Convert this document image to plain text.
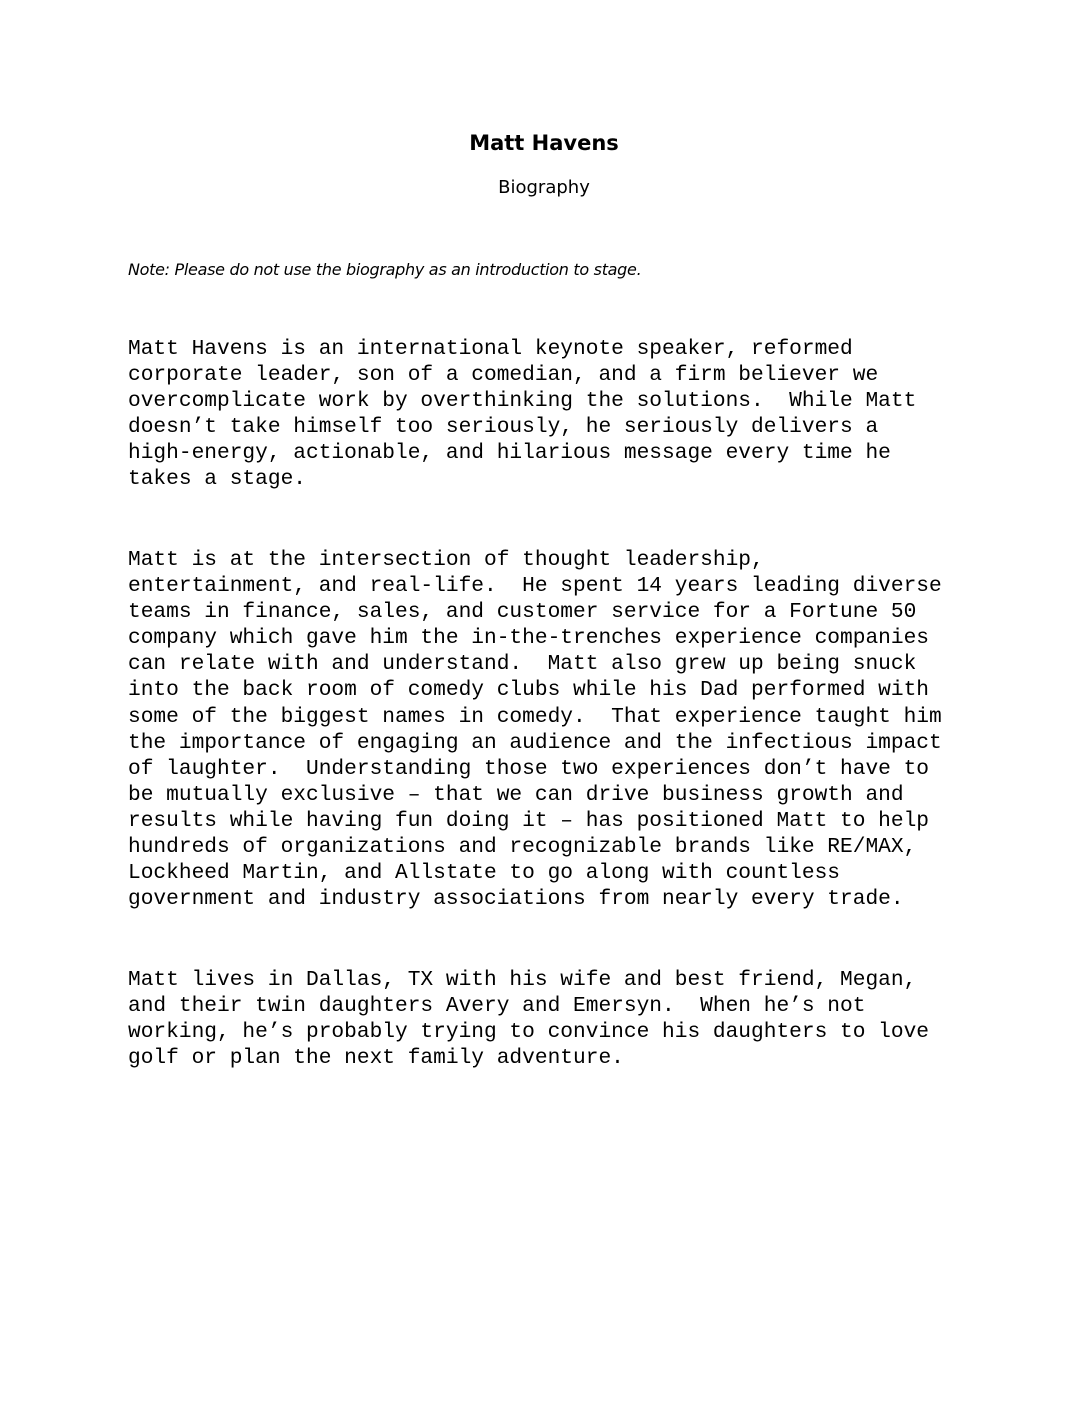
Matt Havens
Biography

Note: Please do not use the biography as an introduction to stage.

Matt Havens is an international keynote speaker, reformed
corporate leader, son of a comedian, and a firm believer we
overcomplicate work by overthinking the solutions.  While Matt
doesn’t take himself too seriously, he seriously delivers a
high-energy, actionable, and hilarious message every time he
takes a stage.

Matt is at the intersection of thought leadership,
entertainment, and real-life.  He spent 14 years leading diverse
teams in finance, sales, and customer service for a Fortune 50
company which gave him the in-the-trenches experience companies
can relate with and understand.  Matt also grew up being snuck
into the back room of comedy clubs while his Dad performed with
some of the biggest names in comedy.  That experience taught him
the importance of engaging an audience and the infectious impact
of laughter.  Understanding those two experiences don’t have to
be mutually exclusive – that we can drive business growth and
results while having fun doing it – has positioned Matt to help
hundreds of organizations and recognizable brands like RE/MAX,
Lockheed Martin, and Allstate to go along with countless
government and industry associations from nearly every trade.

Matt lives in Dallas, TX with his wife and best friend, Megan,
and their twin daughters Avery and Emersyn.  When he’s not
working, he’s probably trying to convince his daughters to love
golf or plan the next family adventure.
